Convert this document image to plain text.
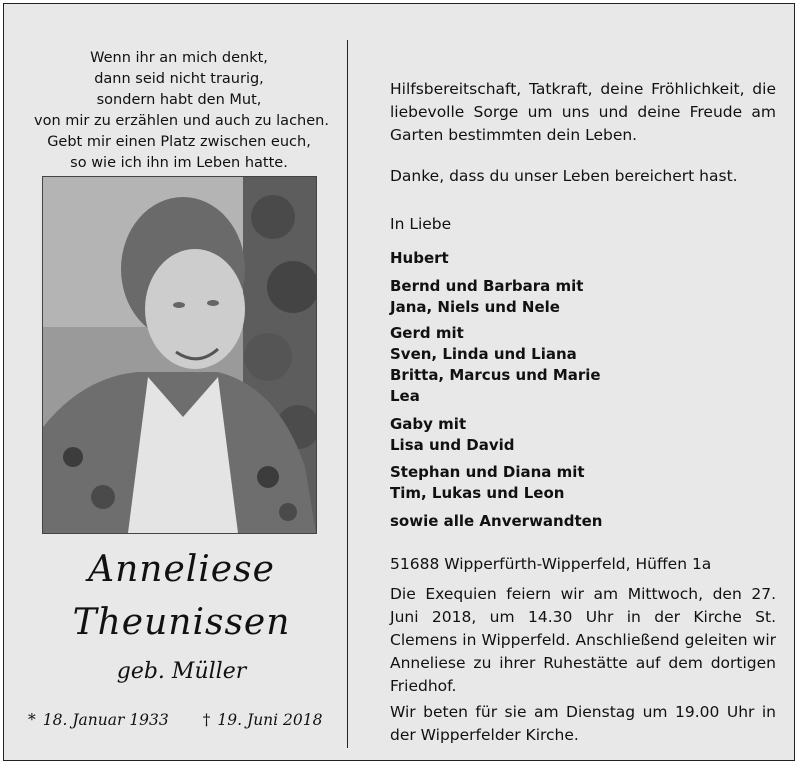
Wenn ihr an mich denkt,
dann seid nicht traurig,
sondern habt den Mut,
von mir zu erzählen und auch zu lachen.
Gebt mir einen Platz zwischen euch,
so wie ich ihn im Leben hatte.
Anneliese
Theunissen
geb. Müller
* 18. Januar 1933 † 19. Juni 2018
Hilfsbereitschaft, Tatkraft, deine Fröhlichkeit, die liebevolle Sorge um uns und deine Freude am Garten bestimmten dein Leben.
Danke, dass du unser Leben bereichert hast.
In Liebe
Hubert
Bernd und Barbara mit
Jana, Niels und Nele
Gerd mit
Sven, Linda und Liana
Britta, Marcus und Marie
Lea
Gaby mit
Lisa und David
Stephan und Diana mit
Tim, Lukas und Leon
sowie alle Anverwandten
51688 Wipperfürth-Wipperfeld, Hüffen 1a
Die Exequien feiern wir am Mittwoch, den 27. Juni 2018, um 14.30 Uhr in der Kirche St. Clemens in Wipperfeld. Anschließend geleiten wir Anneliese zu ihrer Ruhestätte auf dem dortigen Friedhof.
Wir beten für sie am Dienstag um 19.00 Uhr in der Wipperfelder Kirche.
